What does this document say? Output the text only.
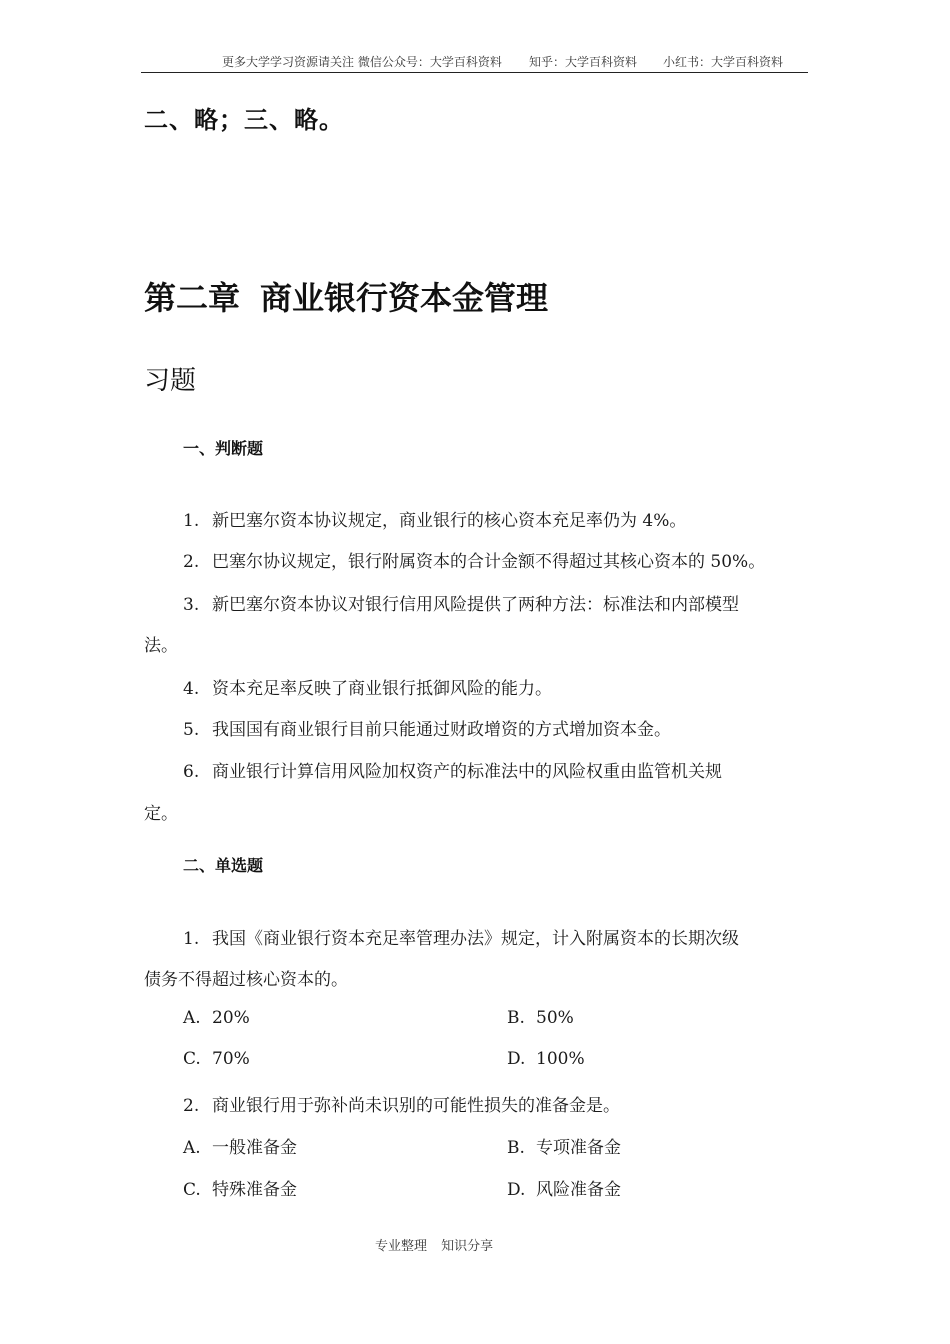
更多大学学习资源请关注 微信公众号：大学百科资料 知乎：大学百科资料 小红书：大学百科资料
二、略；三、略。
第二章 商业银行资本金管理
习题
一、判断题
1. 新巴塞尔资本协议规定，商业银行的核心资本充足率仍为 4%。
2. 巴塞尔协议规定，银行附属资本的合计金额不得超过其核心资本的 50%。
3. 新巴塞尔资本协议对银行信用风险提供了两种方法：标准法和内部模型
法。
4. 资本充足率反映了商业银行抵御风险的能力。
5. 我国国有商业银行目前只能通过财政增资的方式增加资本金。
6. 商业银行计算信用风险加权资产的标准法中的风险权重由监管机关规
定。
二、单选题
1. 我国《商业银行资本充足率管理办法》规定，计入附属资本的长期次级
债务不得超过核心资本的。
A. 20%	B. 50%
C. 70%	D. 100%
2. 商业银行用于弥补尚未识别的可能性损失的准备金是。
A. 一般准备金	B. 专项准备金
C. 特殊准备金	D. 风险准备金
专业整理 知识分享
